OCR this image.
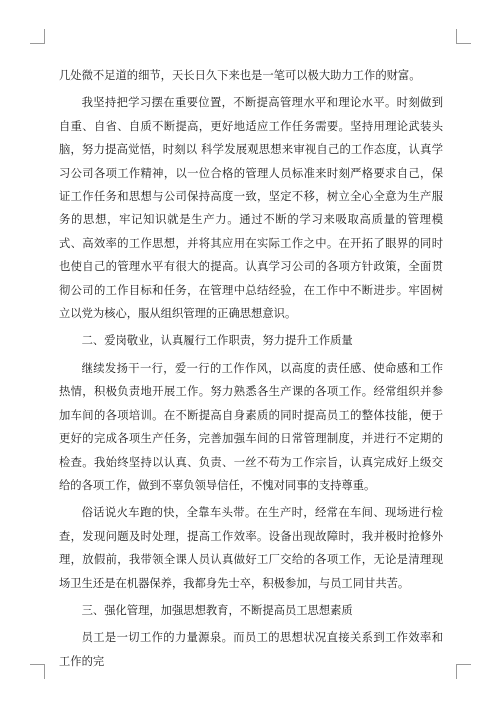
几处微不足道的细节，天长日久下来也是一笔可以极大助力工作的财富。

我坚持把学习摆在重要位置，不断提高管理水平和理论水平。时刻做到自重、自省、自质不断提高，更好地适应工作任务需要。坚持用理论武装头脑，努力提高觉悟，时刻以 科学发展观思想来审视自己的工作态度，认真学习公司各项工作精神，以一位合格的管理人员标准来时刻严格要求自己，保证工作任务和思想与公司保持高度一致，坚定不移，树立全心全意为生产服务的思想，牢记知识就是生产力。通过不断的学习来吸取高质量的管理模式、高效率的工作思想，并将其应用在实际工作之中。在开拓了眼界的同时也使自己的管理水平有很大的提高。认真学习公司的各项方针政策，全面贯彻公司的工作目标和任务，在管理中总结经验，在工作中不断进步。牢固树立以党为核心，服从组织管理的正确思想意识。

二、爱岗敬业，认真履行工作职责，努力提升工作质量

继续发扬干一行，爱一行的工作作风，以高度的责任感、使命感和工作热情，积极负责地开展工作。努力熟悉各生产课的各项工作。经常组织并参加车间的各项培训。在不断提高自身素质的同时提高员工的整体技能，便于更好的完成各项生产任务，完善加强车间的日常管理制度，并进行不定期的检查。我始终坚持以认真、负责、一丝不苟为工作宗旨，认真完成好上级交给的各项工作，做到不辜负领导信任，不愧对同事的支持尊重。

俗话说火车跑的快，全靠车头带。在生产时，经常在车间、现场进行检查，发现问题及时处理，提高工作效率。设备出现故障时，我并极时抢修外理，放假前，我带领全课人员认真做好工厂交给的各项工作，无论是清理现场卫生还是在机器保养，我都身先士卒，积极参加，与员工同甘共苦。

三、强化管理，加强思想教育，不断提高员工思想素质

员工是一切工作的力量源泉。而员工的思想状况直接关系到工作效率和工作的完
